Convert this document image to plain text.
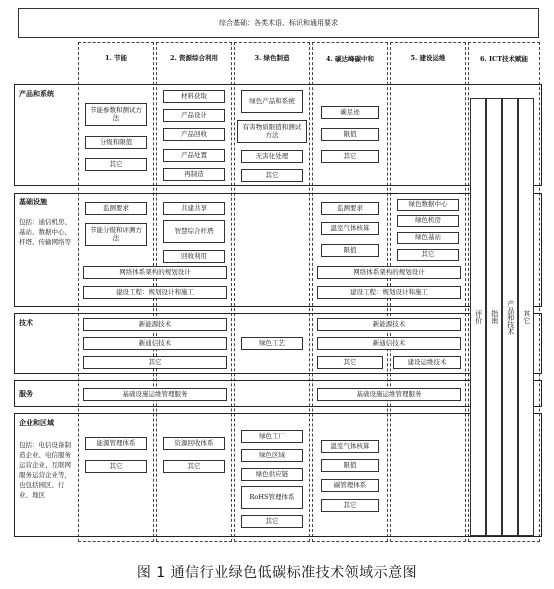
综合基础：各类术语、标识和通用要求
1. 节能	2. 资源综合利用	3. 绿色制造	4. 碳达峰碳中和	5. 建设运维	6. ICT技术赋能
产品和系统
基础设施
包括：通信机房、基站、数据中心、杆塔、传输网络等
技术
服务
企业和区域
包括：电信设备制造企业、电信服务运营企业、互联网服务运营企业等，也包括园区、行业、地区
节能参数和测试方法
分级和限值
其它
材料获取
产品设计
产品回收
产品处置
再制造
绿色产品和系统
有害物质限值和测试方法
无害化处理
其它
碳足迹
限值
其它
监测要求
节能分级和评测方法
共建共享
智慧综合杆塔
回收利用
监测要求
温室气体核算
限值
绿色数据中心
绿色机房
绿色基站
其它
网络体系架构的规划设计
建设工程：规划设计和施工
网络体系架构的规划设计
建设工程：规划设计和施工
新能源技术
新通信技术
其它
绿色工艺
新能源技术
新通信技术
其它	建设运维技术
基础设施运维管理服务	基础设施运维管理服务
能源管理体系
其它
资源回收体系
其它
绿色工厂
绿色区域
绿色供应链
RoHS管理体系
其它
温室气体核算
限值
碳管理体系
其它
评价 指南 产品和技术 其它
图 1 通信行业绿色低碳标准技术领域示意图
